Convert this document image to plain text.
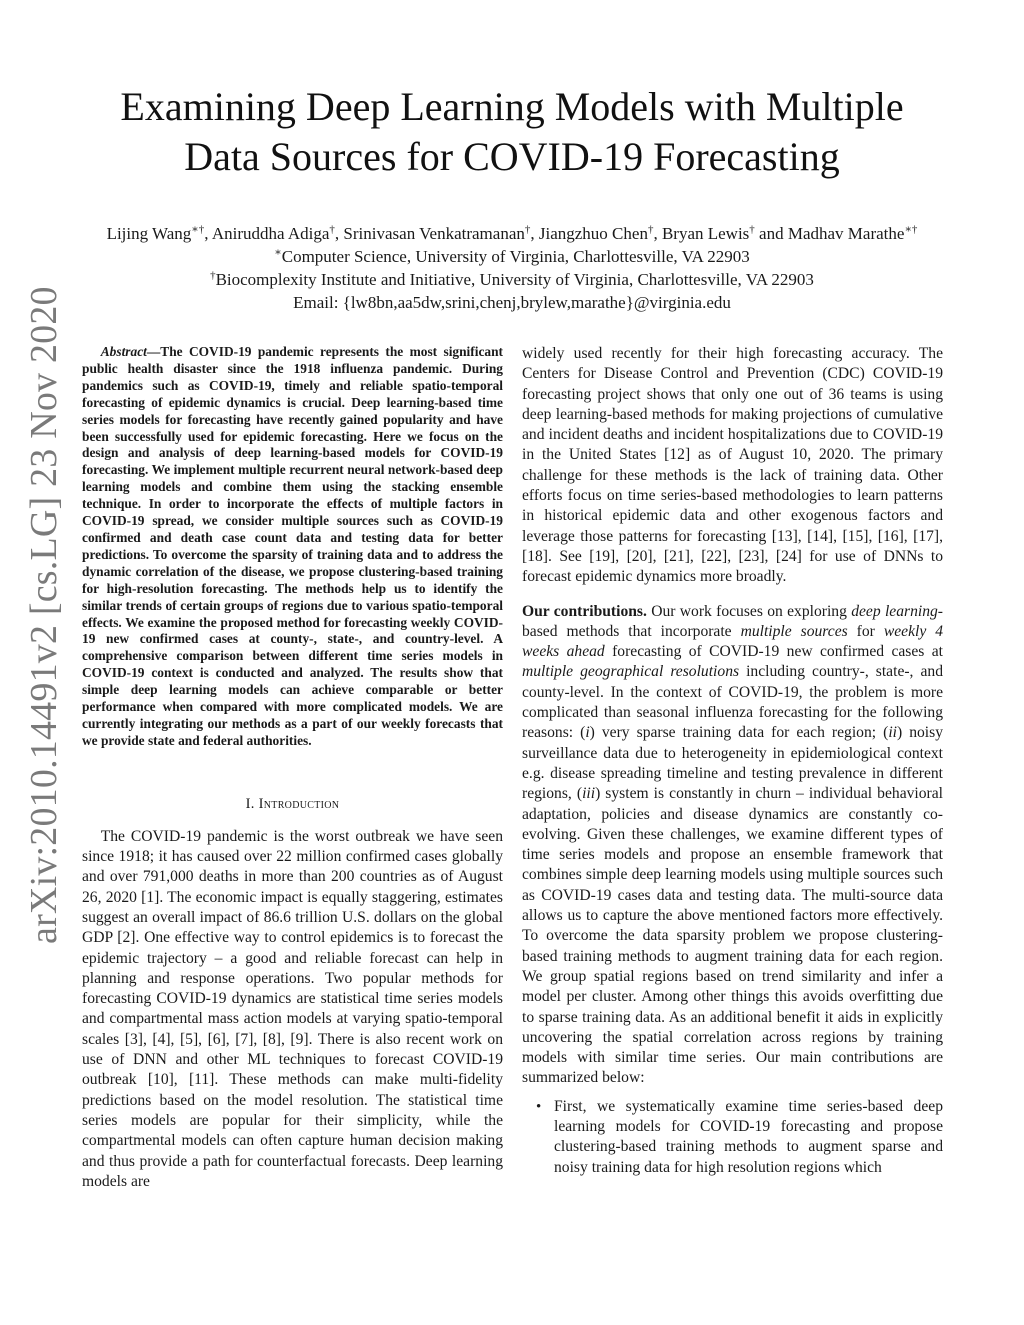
arXiv:2010.14491v2 [cs.LG] 23 Nov 2020
Examining Deep Learning Models with Multiple
Data Sources for COVID-19 Forecasting
Lijing Wang∗†, Aniruddha Adiga†, Srinivasan Venkatramanan†, Jiangzhuo Chen†, Bryan Lewis† and Madhav Marathe∗†
∗Computer Science, University of Virginia, Charlottesville, VA 22903
†Biocomplexity Institute and Initiative, University of Virginia, Charlottesville, VA 22903
Email: {lw8bn,aa5dw,srini,chenj,brylew,marathe}@virginia.edu

Abstract—The COVID-19 pandemic represents the most significant public health disaster since the 1918 influenza pandemic. During pandemics such as COVID-19, timely and reliable spatio-temporal forecasting of epidemic dynamics is crucial. Deep learning-based time series models for forecasting have recently gained popularity and have been successfully used for epidemic forecasting. Here we focus on the design and analysis of deep learning-based models for COVID-19 forecasting. We implement multiple recurrent neural network-based deep learning models and combine them using the stacking ensemble technique. In order to incorporate the effects of multiple factors in COVID-19 spread, we consider multiple sources such as COVID-19 confirmed and death case count data and testing data for better predictions. To overcome the sparsity of training data and to address the dynamic correlation of the disease, we propose clustering-based training for high-resolution forecasting. The methods help us to identify the similar trends of certain groups of regions due to various spatio-temporal effects. We examine the proposed method for forecasting weekly COVID-19 new confirmed cases at county-, state-, and country-level. A comprehensive comparison between different time series models in COVID-19 context is conducted and analyzed. The results show that simple deep learning models can achieve comparable or better performance when compared with more complicated models. We are currently integrating our methods as a part of our weekly forecasts that we provide state and federal authorities.

I. Introduction

The COVID-19 pandemic is the worst outbreak we have seen since 1918; it has caused over 22 million confirmed cases globally and over 791,000 deaths in more than 200 countries as of August 26, 2020 [1]. The economic impact is equally staggering, estimates suggest an overall impact of 86.6 trillion U.S. dollars on the global GDP [2]. One effective way to control epidemics is to forecast the epidemic trajectory – a good and reliable forecast can help in planning and response operations. Two popular methods for forecasting COVID-19 dynamics are statistical time series models and compartmental mass action models at varying spatio-temporal scales [3], [4], [5], [6], [7], [8], [9]. There is also recent work on use of DNN and other ML techniques to forecast COVID-19 outbreak [10], [11]. These methods can make multi-fidelity predictions based on the model resolution. The statistical time series models are popular for their simplicity, while the compartmental models can often capture human decision making and thus provide a path for counterfactual forecasts. Deep learning models are

widely used recently for their high forecasting accuracy. The Centers for Disease Control and Prevention (CDC) COVID-19 forecasting project shows that only one out of 36 teams is using deep learning-based methods for making projections of cumulative and incident deaths and incident hospitalizations due to COVID-19 in the United States [12] as of August 10, 2020. The primary challenge for these methods is the lack of training data. Other efforts focus on time series-based methodologies to learn patterns in historical epidemic data and other exogenous factors and leverage those patterns for forecasting [13], [14], [15], [16], [17], [18]. See [19], [20], [21], [22], [23], [24] for use of DNNs to forecast epidemic dynamics more broadly.

Our contributions. Our work focuses on exploring deep learning-based methods that incorporate multiple sources for weekly 4 weeks ahead forecasting of COVID-19 new confirmed cases at multiple geographical resolutions including country-, state-, and county-level. In the context of COVID-19, the problem is more complicated than seasonal influenza forecasting for the following reasons: (i) very sparse training data for each region; (ii) noisy surveillance data due to heterogeneity in epidemiological context e.g. disease spreading timeline and testing prevalence in different regions, (iii) system is constantly in churn – individual behavioral adaptation, policies and disease dynamics are constantly co-evolving. Given these challenges, we examine different types of time series models and propose an ensemble framework that combines simple deep learning models using multiple sources such as COVID-19 cases data and testing data. The multi-source data allows us to capture the above mentioned factors more effectively. To overcome the data sparsity problem we propose clustering-based training methods to augment training data for each region. We group spatial regions based on trend similarity and infer a model per cluster. Among other things this avoids overfitting due to sparse training data. As an additional benefit it aids in explicitly uncovering the spatial correlation across regions by training models with similar time series. Our main contributions are summarized below:

• First, we systematically examine time series-based deep learning models for COVID-19 forecasting and propose clustering-based training methods to augment sparse and noisy training data for high resolution regions which
